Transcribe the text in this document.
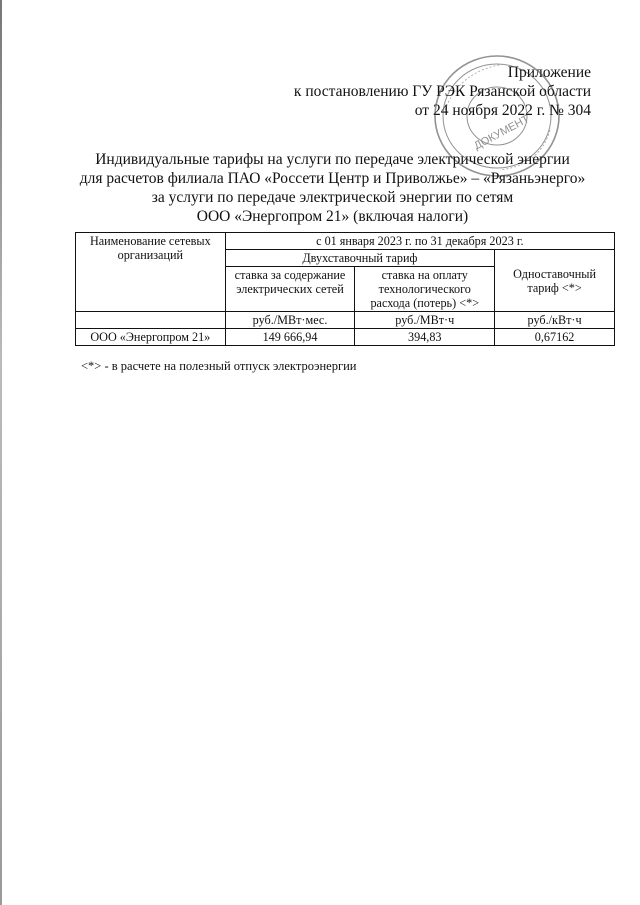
Приложение
к постановлению ГУ РЭК Рязанской области
от 24 ноября 2022 г. № 304
ДОКУМЕНТ
Индивидуальные тарифы на услуги по передаче электрической энергии
для расчетов филиала ПАО «Россети Центр и Приволжье» – «Рязаньэнерго»
за услуги по передаче электрической энергии по сетям
ООО «Энергопром 21» (включая налоги)
Наименование сетевых организаций	с 01 января 2023 г. по 31 декабря 2023 г.		
	Двухставочный тариф		Одноставочный тариф <*>
	ставка за содержание электрических сетей	ставка на оплату технологического расхода (потерь) <*>	
	руб./МВт·мес.	руб./МВт·ч	руб./кВт·ч
ООО «Энергопром 21»	149 666,94	394,83	0,67162
<*> - в расчете на полезный отпуск электроэнергии
